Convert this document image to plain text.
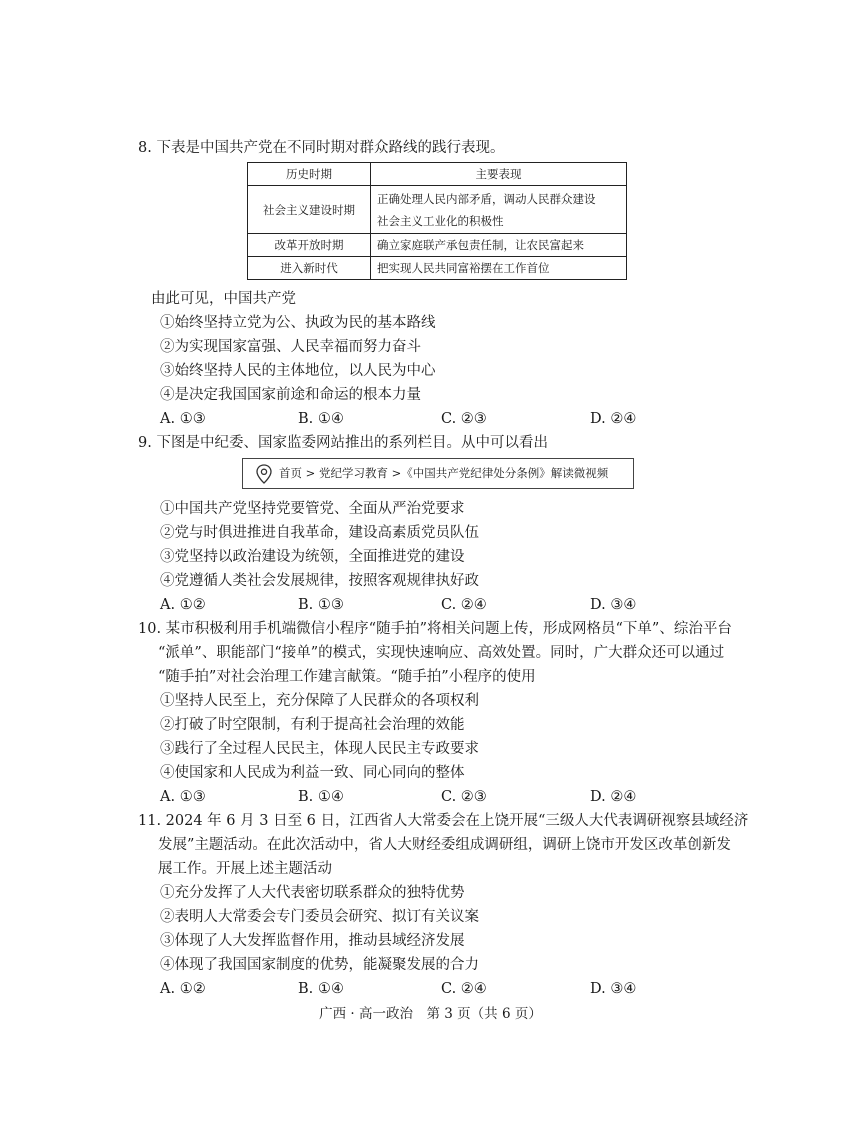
8. 下表是中国共产党在不同时期对群众路线的践行表现。
历史时期	主要表现
社会主义建设时期	正确处理人民内部矛盾，调动人民群众建设
社会主义工业化的积极性

改革开放时期	确立家庭联产承包责任制，让农民富起来
进入新时代	把实现人民共同富裕摆在工作首位
由此可见，中国共产党
①始终坚持立党为公、执政为民的基本路线
②为实现国家富强、人民幸福而努力奋斗
③始终坚持人民的主体地位，以人民为中心
④是决定我国国家前途和命运的根本力量
A. ①③	B. ①④	C. ②③	D. ②④
9. 下图是中纪委、国家监委网站推出的系列栏目。从中可以看出
首页 > 党纪学习教育 >《中国共产党纪律处分条例》解读微视频
①中国共产党坚持党要管党、全面从严治党要求
②党与时俱进推进自我革命，建设高素质党员队伍
③党坚持以政治建设为统领，全面推进党的建设
④党遵循人类社会发展规律，按照客观规律执好政
A. ①②	B. ①③	C. ②④	D. ③④
10. 某市积极利用手机端微信小程序“随手拍”将相关问题上传，形成网格员“下单”、综治平台
“派单”、职能部门“接单”的模式，实现快速响应、高效处置。同时，广大群众还可以通过
“随手拍”对社会治理工作建言献策。“随手拍”小程序的使用
①坚持人民至上，充分保障了人民群众的各项权利
②打破了时空限制，有利于提高社会治理的效能
③践行了全过程人民民主，体现人民民主专政要求
④使国家和人民成为利益一致、同心同向的整体
A. ①③	B. ①④	C. ②③	D. ②④
11. 2024 年 6 月 3 日至 6 日，江西省人大常委会在上饶开展“三级人大代表调研视察县域经济
发展”主题活动。在此次活动中，省人大财经委组成调研组，调研上饶市开发区改革创新发
展工作。开展上述主题活动
①充分发挥了人大代表密切联系群众的独特优势
②表明人大常委会专门委员会研究、拟订有关议案
③体现了人大发挥监督作用，推动县域经济发展
④体现了我国国家制度的优势，能凝聚发展的合力
A. ①②	B. ①④	C. ②④	D. ③④
广西 · 高一政治　第 3 页（共 6 页）
